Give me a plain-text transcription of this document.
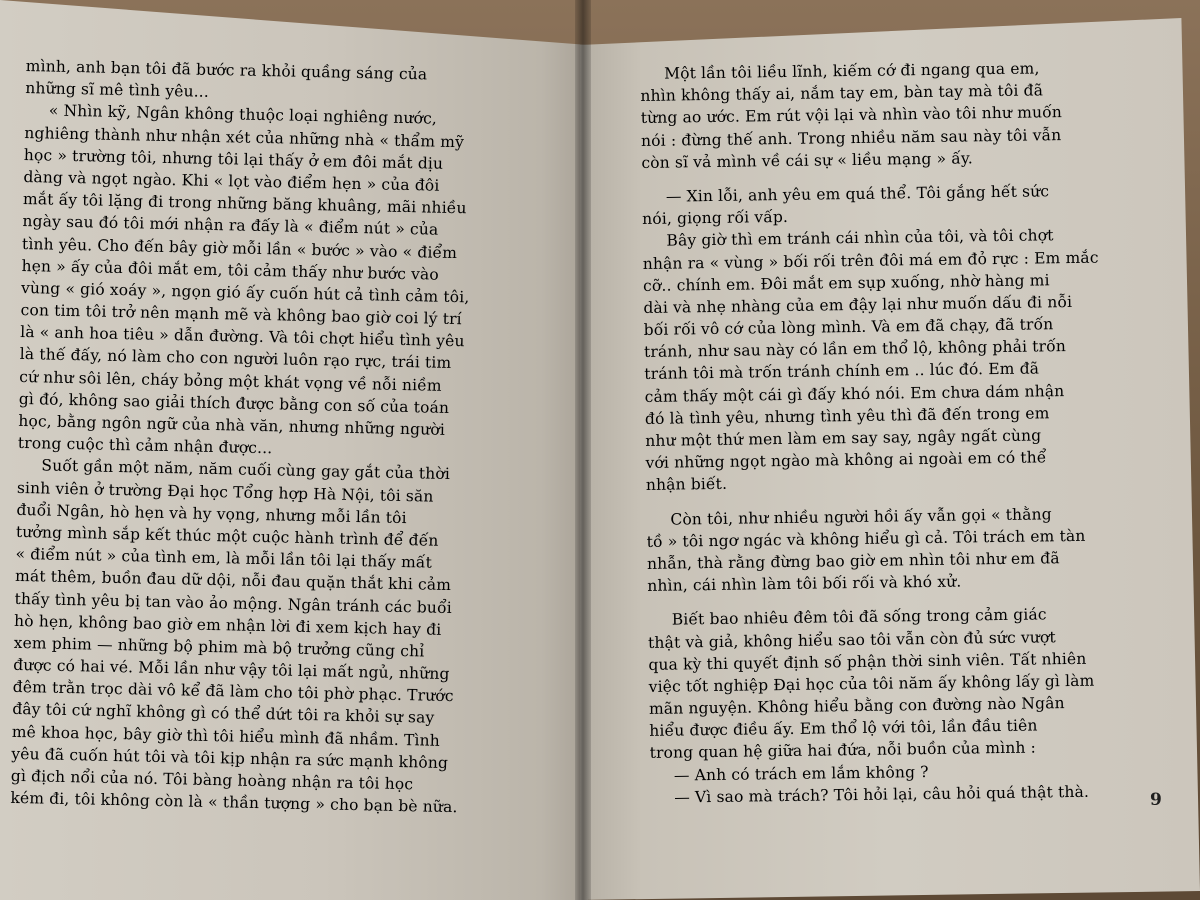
mình, anh bạn tôi đã bước ra khỏi quầng sáng của
những sĩ mê tình yêu...
« Nhìn kỹ, Ngân không thuộc loại nghiêng nước,
nghiêng thành như nhận xét của những nhà « thẩm mỹ
học » trường tôi, nhưng tôi lại thấy ở em đôi mắt dịu
dàng và ngọt ngào. Khi « lọt vào điểm hẹn » của đôi
mắt ấy tôi lặng đi trong những băng khuâng, mãi nhiều
ngày sau đó tôi mới nhận ra đấy là « điểm nút » của
tình yêu. Cho đến bây giờ mỗi lần « bước » vào « điểm
hẹn » ấy của đôi mắt em, tôi cảm thấy như bước vào
vùng « gió xoáy », ngọn gió ấy cuốn hút cả tình cảm tôi,
con tim tôi trở nên mạnh mẽ và không bao giờ coi lý trí
là « anh hoa tiêu » dẫn đường. Và tôi chợt hiểu tình yêu
là thế đấy, nó làm cho con người luôn rạo rực, trái tim
cứ như sôi lên, cháy bỏng một khát vọng về nỗi niềm
gì đó, không sao giải thích được bằng con số của toán
học, bằng ngôn ngữ của nhà văn, nhưng những người
trong cuộc thì cảm nhận được...
Suốt gần một năm, năm cuối cùng gay gắt của thời
sinh viên ở trường Đại học Tổng hợp Hà Nội, tôi săn
đuổi Ngân, hò hẹn và hy vọng, nhưng mỗi lần tôi
tưởng mình sắp kết thúc một cuộc hành trình để đến
« điểm nút » của tình em, là mỗi lần tôi lại thấy mất
mát thêm, buồn đau dữ dội, nỗi đau quặn thắt khi cảm
thấy tình yêu bị tan vào ảo mộng. Ngân tránh các buổi
hò hẹn, không bao giờ em nhận lời đi xem kịch hay đi
xem phim — những bộ phim mà bộ trưởng cũng chỉ
được có hai vé. Mỗi lần như vậy tôi lại mất ngủ, những
đêm trằn trọc dài vô kể đã làm cho tôi phờ phạc. Trước
đây tôi cứ nghĩ không gì có thể dứt tôi ra khỏi sự say
mê khoa học, bây giờ thì tôi hiểu mình đã nhầm. Tình
yêu đã cuốn hút tôi và tôi kịp nhận ra sức mạnh không
gì địch nổi của nó. Tôi bàng hoàng nhận ra tôi học
kém đi, tôi không còn là « thần tượng » cho bạn bè nữa.
Một lần tôi liều lĩnh, kiếm cớ đi ngang qua em,
nhìn không thấy ai, nắm tay em, bàn tay mà tôi đã
từng ao ước. Em rút vội lại và nhìn vào tôi như muốn
nói : đừng thế anh. Trong nhiều năm sau này tôi vẫn
còn sĩ vả mình về cái sự « liều mạng » ấy.
— Xin lỗi, anh yêu em quá thể. Tôi gắng hết sức
nói, giọng rối vấp.
Bây giờ thì em tránh cái nhìn của tôi, và tôi chợt
nhận ra « vùng » bối rối trên đôi má em đỏ rực : Em mắc
cỡ.. chính em. Đôi mắt em sụp xuống, nhờ hàng mi
dài và nhẹ nhàng của em đậy lại như muốn dấu đi nỗi
bối rối vô cớ của lòng mình. Và em đã chạy, đã trốn
tránh, như sau này có lần em thổ lộ, không phải trốn
tránh tôi mà trốn tránh chính em .. lúc đó. Em đã
cảm thấy một cái gì đấy khó nói. Em chưa dám nhận
đó là tình yêu, nhưng tình yêu thì đã đến trong em
như một thứ men làm em say say, ngây ngất cùng
với những ngọt ngào mà không ai ngoài em có thể
nhận biết.
Còn tôi, như nhiều người hồi ấy vẫn gọi « thằng
tồ » tôi ngơ ngác và không hiểu gì cả. Tôi trách em tàn
nhẫn, thà rằng đừng bao giờ em nhìn tôi như em đã
nhìn, cái nhìn làm tôi bối rối và khó xử.
Biết bao nhiêu đêm tôi đã sống trong cảm giác
thật và giả, không hiểu sao tôi vẫn còn đủ sức vượt
qua kỳ thi quyết định số phận thời sinh viên. Tất nhiên
việc tốt nghiệp Đại học của tôi năm ấy không lấy gì làm
mãn nguyện. Không hiểu bằng con đường nào Ngân
hiểu được điều ấy. Em thổ lộ với tôi, lần đầu tiên
trong quan hệ giữa hai đứa, nỗi buồn của mình :
— Anh có trách em lắm không ?
— Vì sao mà trách? Tôi hỏi lại, câu hỏi quá thật thà.	9
